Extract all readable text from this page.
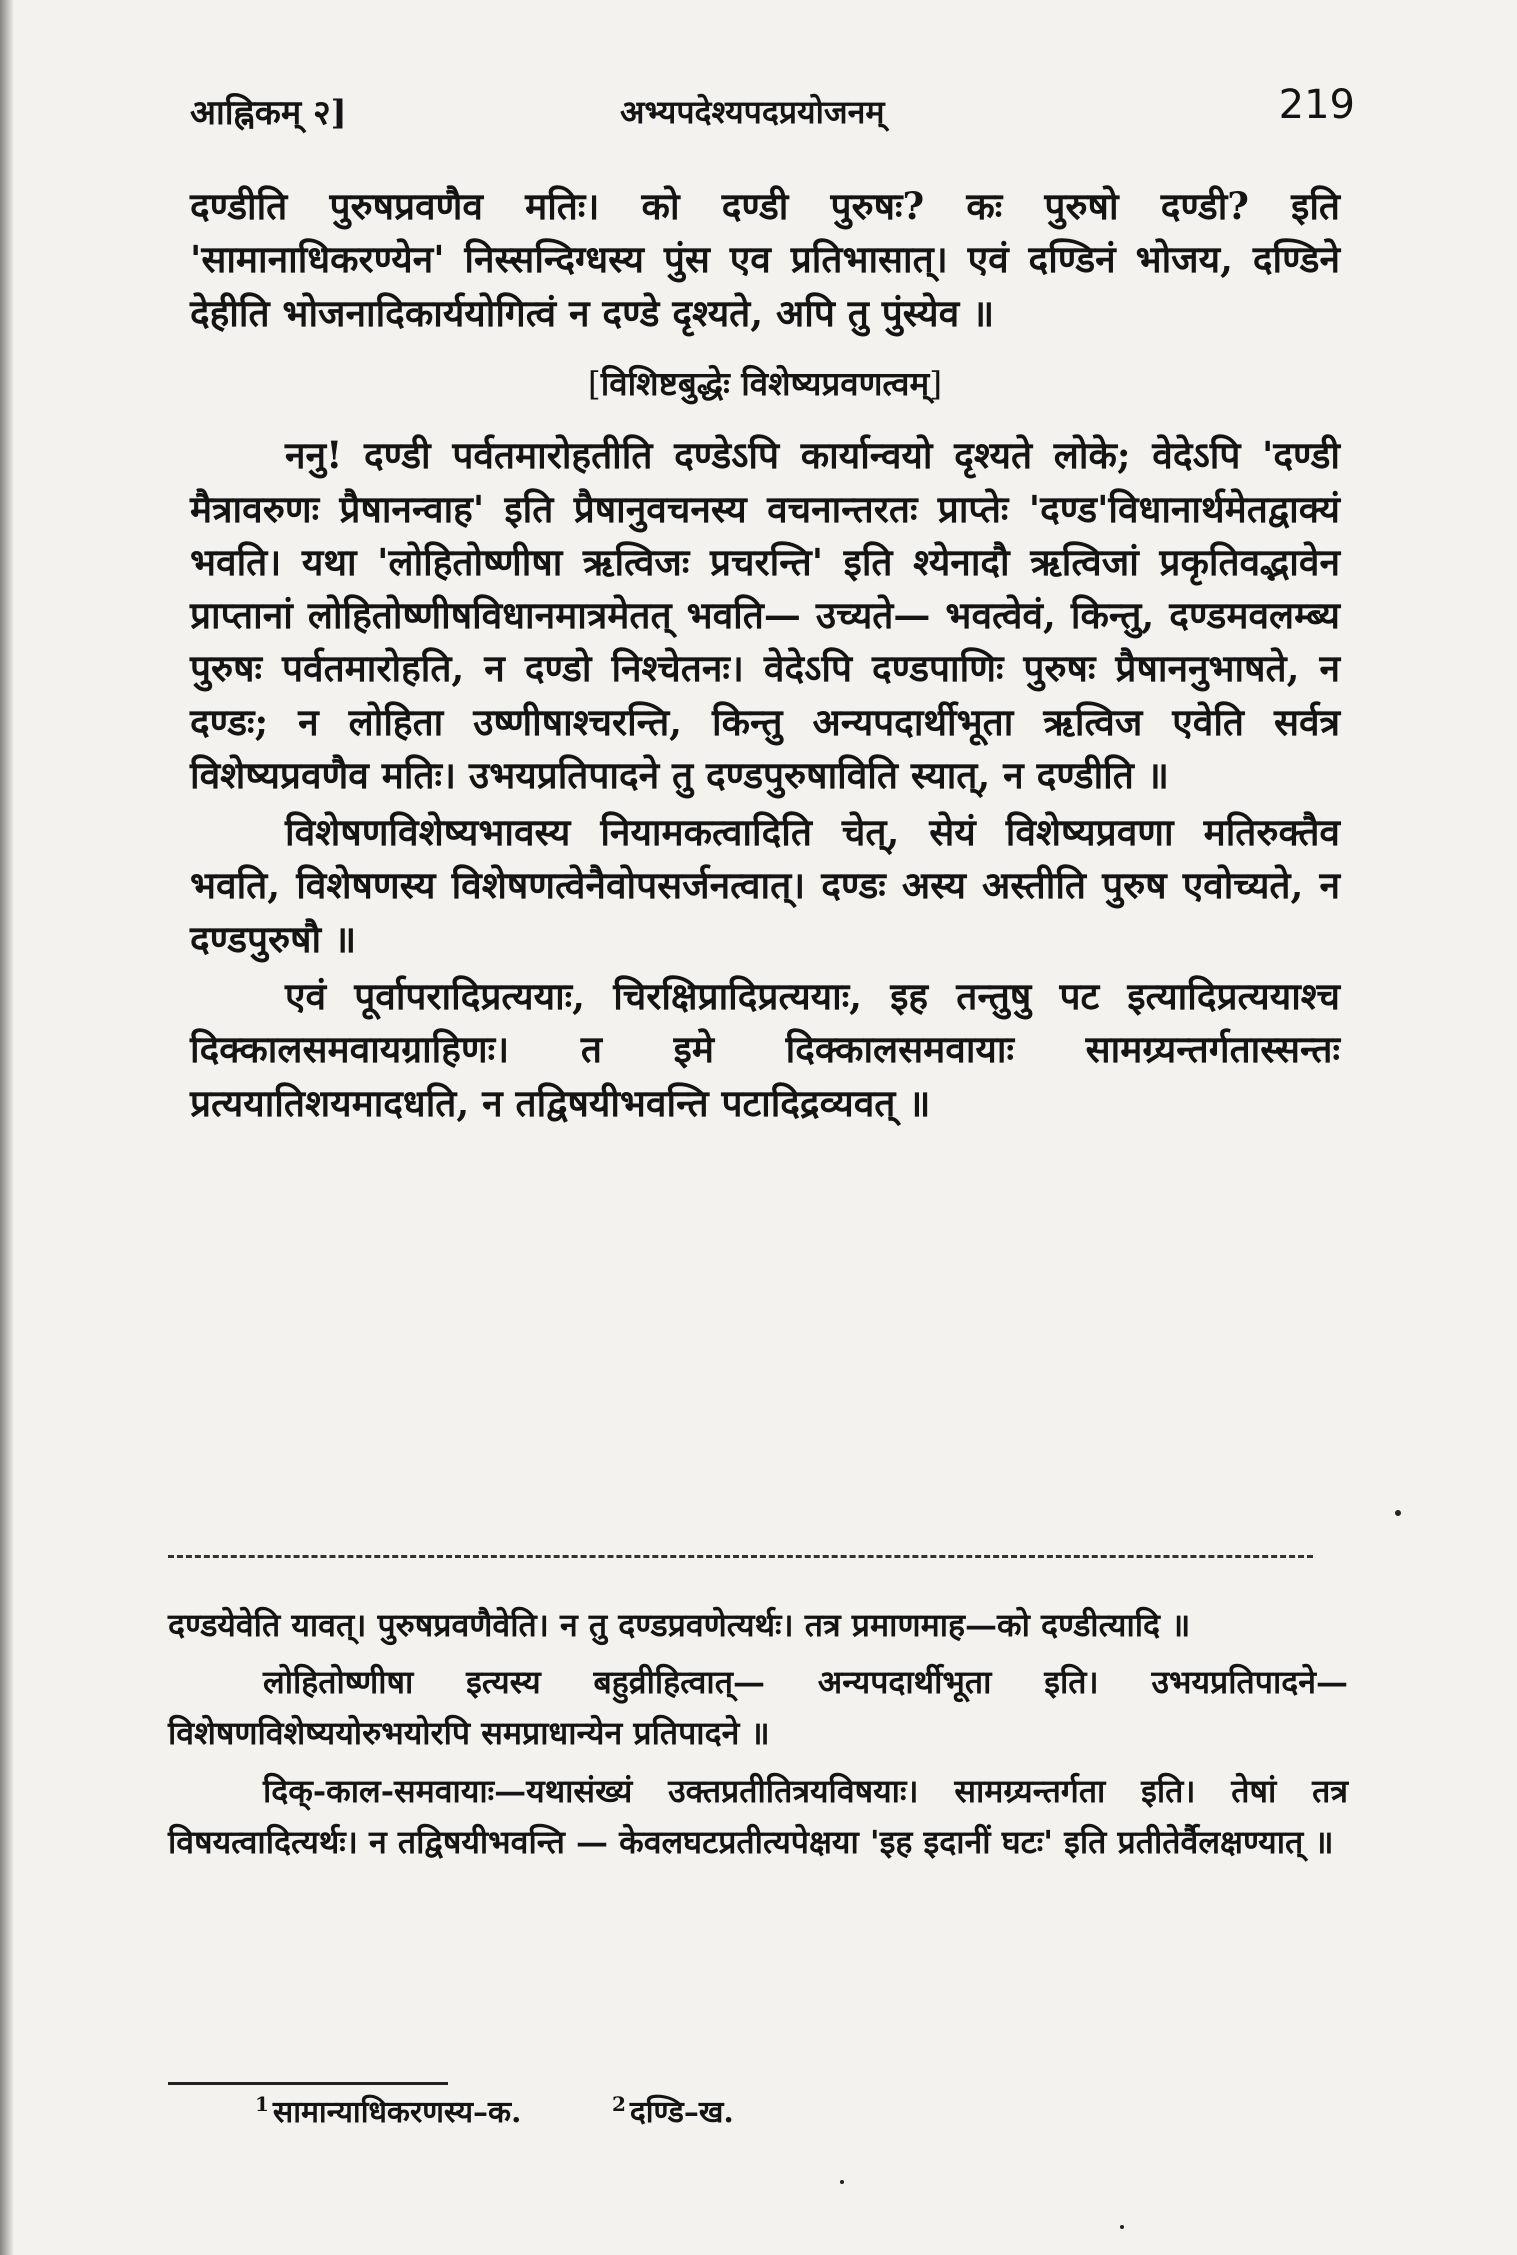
आह्निकम् २]	अभ्यपदेश्यपदप्रयोजनम्	219

दण्डीति पुरुषप्रवणैव मतिः। को दण्डी पुरुषः? कः पुरुषो दण्डी? इति 'सामानाधिकरण्येन' निस्सन्दिग्धस्य पुंस एव प्रतिभासात्। एवं दण्डिनं भोजय, दण्डिने देहीति भोजनादिकार्ययोगित्वं न दण्डे दृश्यते, अपि तु पुंस्येव ॥

[विशिष्टबुद्धेः विशेष्यप्रवणत्वम्]

ननु! दण्डी पर्वतमारोहतीति दण्डेऽपि कार्यान्वयो दृश्यते लोके; वेदेऽपि 'दण्डी मैत्रावरुणः प्रैषानन्वाह' इति प्रैषानुवचनस्य वचनान्तरतः प्राप्तेः 'दण्ड'विधानार्थमेतद्वाक्यं भवति। यथा 'लोहितोष्णीषा ऋत्विजः प्रचरन्ति' इति श्येनादौ ऋत्विजां प्रकृतिवद्भावेन प्राप्तानां लोहितोष्णीषविधानमात्रमेतत् भवति— उच्यते— भवत्वेवं, किन्तु, दण्डमवलम्ब्य पुरुषः पर्वतमारोहति, न दण्डो निश्चेतनः। वेदेऽपि दण्डपाणिः पुरुषः प्रैषाननुभाषते, न दण्डः; न लोहिता उष्णीषाश्चरन्ति, किन्तु अन्यपदार्थीभूता ऋत्विज एवेति सर्वत्र विशेष्यप्रवणैव मतिः। उभयप्रतिपादने तु दण्डपुरुषाविति स्यात्, न दण्डीति ॥

विशेषणविशेष्यभावस्य नियामकत्वादिति चेत्, सेयं विशेष्यप्रवणा मतिरुक्तैव भवति, विशेषणस्य विशेषणत्वेनैवोपसर्जनत्वात्। दण्डः अस्य अस्तीति पुरुष एवोच्यते, न दण्डपुरुषौ ॥

एवं पूर्वापरादिप्रत्ययाः, चिरक्षिप्रादिप्रत्ययाः, इह तन्तुषु पट इत्यादिप्रत्ययाश्च दिक्कालसमवायग्राहिणः। त इमे दिक्कालसमवायाः सामग्र्यन्तर्गतास्सन्तः प्रत्ययातिशयमादधति, न तद्विषयीभवन्ति पटादिद्रव्यवत् ॥

दण्डयेवेति यावत्। पुरुषप्रवणैवेति। न तु दण्डप्रवणेत्यर्थः। तत्र प्रमाणमाह—को दण्डीत्यादि ॥

लोहितोष्णीषा इत्यस्य बहुव्रीहित्वात्— अन्यपदार्थीभूता इति। उभयप्रतिपादने—विशेषणविशेष्ययोरुभयोरपि समप्राधान्येन प्रतिपादने ॥

दिक्-काल-समवायाः—यथासंख्यं उक्तप्रतीतित्रयविषयाः। सामग्र्यन्तर्गता इति। तेषां तत्र विषयत्वादित्यर्थः। न तद्विषयीभवन्ति — केवलघटप्रतीत्यपेक्षया 'इह इदानीं घटः' इति प्रतीतेर्वैलक्षण्यात् ॥

$^1$ सामान्याधिकरणस्य–क.	$^2$ दण्डि–ख.
